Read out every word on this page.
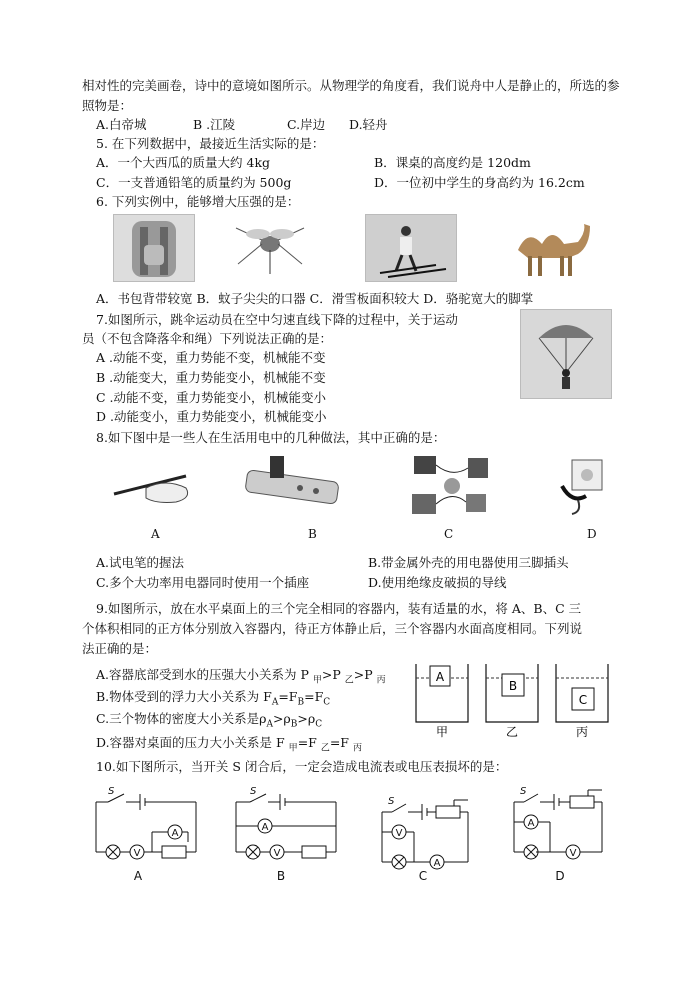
相对性的完美画卷，诗中的意境如图所示。从物理学的角度看，我们说舟中人是静止的，所选的参
照物是：
A.白帝城	B .江陵	C.岸边 D.轻舟
5. 在下列数据中，最接近生活实际的是：
A．一个大西瓜的质量大约 4kg	B．课桌的高度约是 120dm
C．一支普通铅笔的质量约为 500g	D．一位初中学生的身高约为 16.2cm
6. 下列实例中，能够增大压强的是：
A．书包背带较宽 B．蚊子尖尖的口器 C．滑雪板面积较大 D．骆驼宽大的脚掌
7.如图所示，跳伞运动员在空中匀速直线下降的过程中，关于运动
员（不包含降落伞和绳）下列说法正确的是：
A .动能不变，重力势能不变，机械能不变
B .动能变大，重力势能变小，机械能不变
C .动能不变，重力势能变小，机械能变小
D .动能变小，重力势能变小，机械能变小
8.如下图中是一些人在生活用电中的几种做法，其中正确的是：
A	B	C	D
A.试电笔的握法	B.带金属外壳的用电器使用三脚插头
C.多个大功率用电器同时使用一个插座	D.使用绝缘皮破损的导线
9.如图所示，放在水平桌面上的三个完全相同的容器内，装有适量的水，将 A、B、C 三
个体积相同的正方体分别放入容器内，待正方体静止后，三个容器内水面高度相同。下列说
法正确的是：
A.容器底部受到水的压强大小关系为 P $_甲$>P $_乙$>P $_丙$
B.物体受到的浮力大小关系为 $F_A=F_B=F_C$
C.三个物体的密度大小关系是$\rho_A>\rho_B>\rho_C$
D.容器对桌面的压力大小关系是 F $_甲$=F $_乙$=F $_丙$
A
B
C
甲	乙	丙
10.如下图所示，当开关 S 闭合后，一定会造成电流表或电压表损坏的是：
S
V
A
S
A
V
S
V
A
S
A
V
A	B	C	D
